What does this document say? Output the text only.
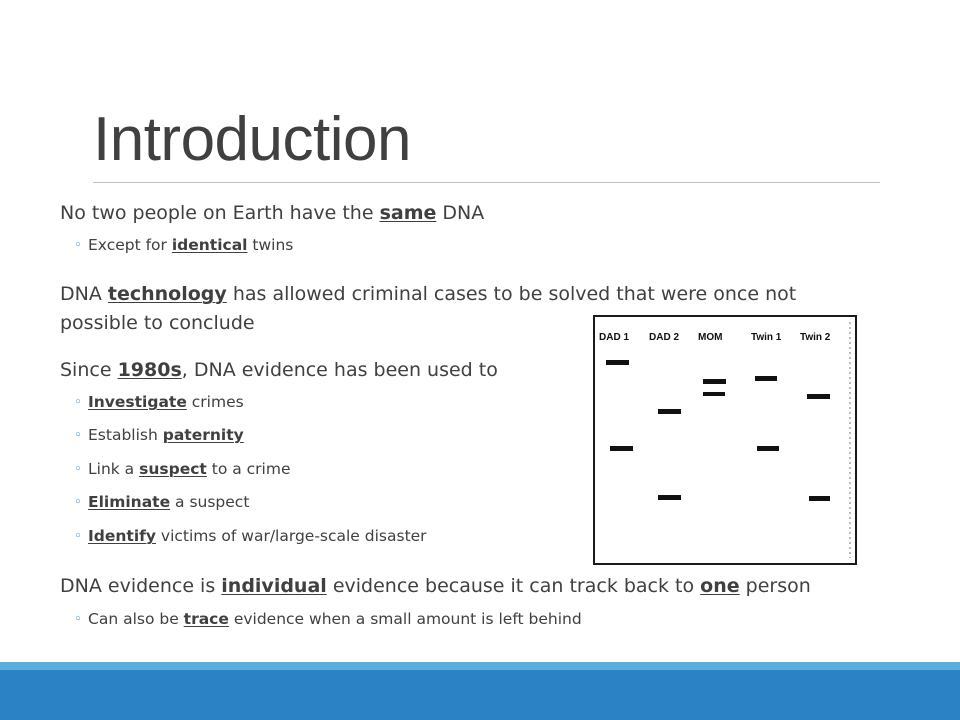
Introduction
No two people on Earth have the same DNA
◦ Except for identical twins
DNA technology has allowed criminal cases to be solved that were once not
possible to conclude
Since 1980s, DNA evidence has been used to
◦ Investigate crimes
◦ Establish paternity
◦ Link a suspect to a crime
◦ Eliminate a suspect
◦ Identify victims of war/large-scale disaster
DNA evidence is individual evidence because it can track back to one person
◦ Can also be trace evidence when a small amount is left behind
DAD 1 DAD 2 MOM	Twin 1 Twin 2
